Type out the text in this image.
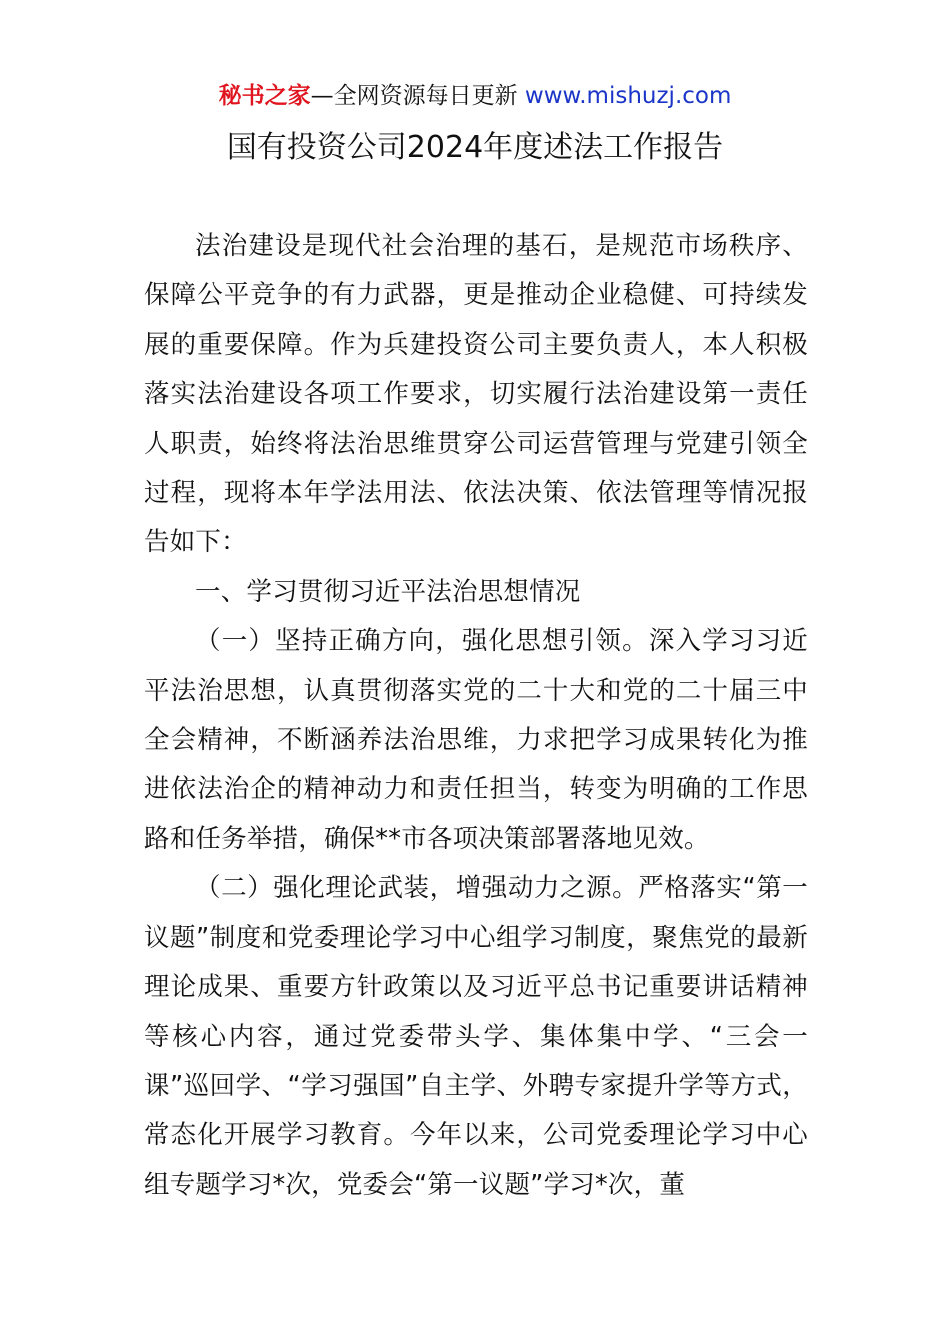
秘书之家—全网资源每日更新 www.mishuzj.com
国有投资公司2024年度述法工作报告

法治建设是现代社会治理的基石，是规范市场秩序、保障公平竞争的有力武器，更是推动企业稳健、可持续发展的重要保障。作为兵建投资公司主要负责人，本人积极落实法治建设各项工作要求，切实履行法治建设第一责任人职责，始终将法治思维贯穿公司运营管理与党建引领全过程，现将本年学法用法、依法决策、依法管理等情况报告如下：

一、学习贯彻习近平法治思想情况

（一）坚持正确方向，强化思想引领。深入学习习近平法治思想，认真贯彻落实党的二十大和党的二十届三中全会精神，不断涵养法治思维，力求把学习成果转化为推进依法治企的精神动力和责任担当，转变为明确的工作思路和任务举措，确保**市各项决策部署落地见效。

（二）强化理论武装，增强动力之源。严格落实“第一议题”制度和党委理论学习中心组学习制度，聚焦党的最新理论成果、重要方针政策以及习近平总书记重要讲话精神等核心内容，通过党委带头学、集体集中学、“三会一课”巡回学、“学习强国”自主学、外聘专家提升学等方式，常态化开展学习教育。今年以来，公司党委理论学习中心组专题学习*次，党委会“第一议题”学习*次，董
